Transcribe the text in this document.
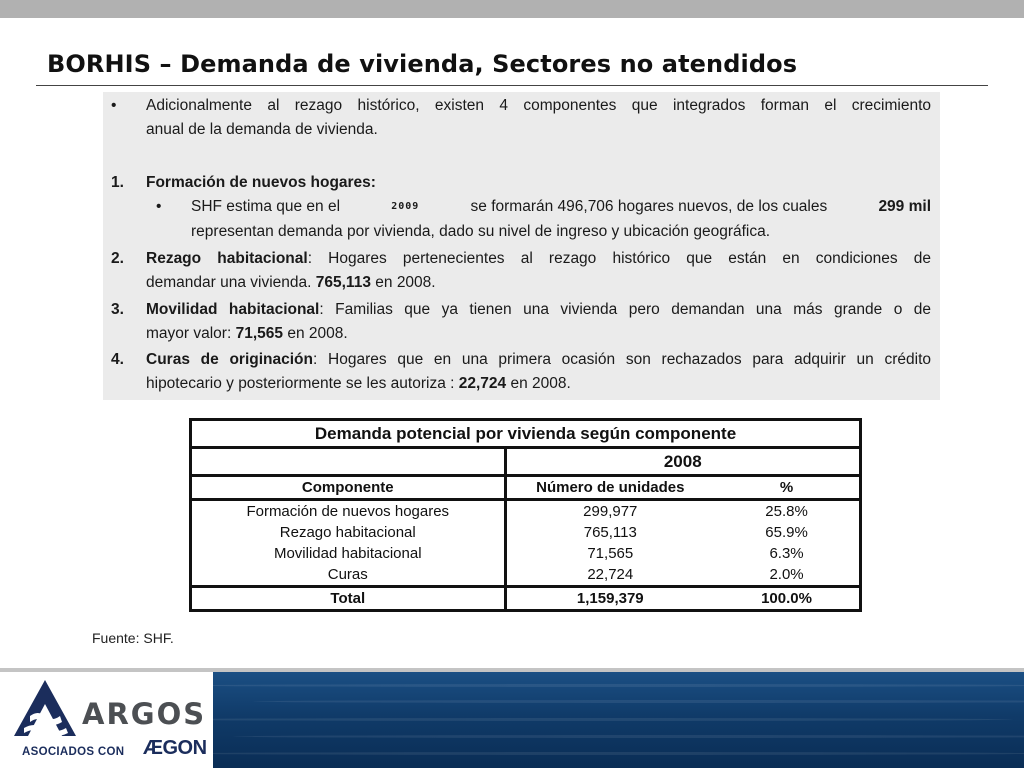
BORHIS – Demanda de vivienda, Sectores no atendidos
• Adicionalmente al rezago histórico, existen 4 componentes que integrados forman el crecimiento
anual de la demanda de vivienda.
1. Formación de nuevos hogares:
• SHF estima que en el	2009	se formarán 496,706 hogares nuevos, de los cuales	299 mil
representan demanda por vivienda, dado su nivel de ingreso y ubicación geográfica.
2. Rezago habitacional: Hogares pertenecientes al rezago histórico que están en condiciones de
demandar una vivienda. 765,113 en 2008.
3. Movilidad habitacional: Familias que ya tienen una vivienda pero demandan una más grande o de
mayor valor: 71,565 en 2008.
4. Curas de originación: Hogares que en una primera ocasión son rechazados para adquirir un crédito
hipotecario y posteriormente se les autoriza : 22,724 en 2008.
Demanda potencial por vivienda según componente		
	2008	
Componente	Número de unidades	%
Formación de nuevos hogares	299,977	25.8%
Rezago habitacional	765,113	65.9%
Movilidad habitacional	71,565	6.3%
Curas	22,724	2.0%
Total	1,159,379	100.0%
Fuente: SHF.
ARGOS
ASOCIADOS CON ÆGON
